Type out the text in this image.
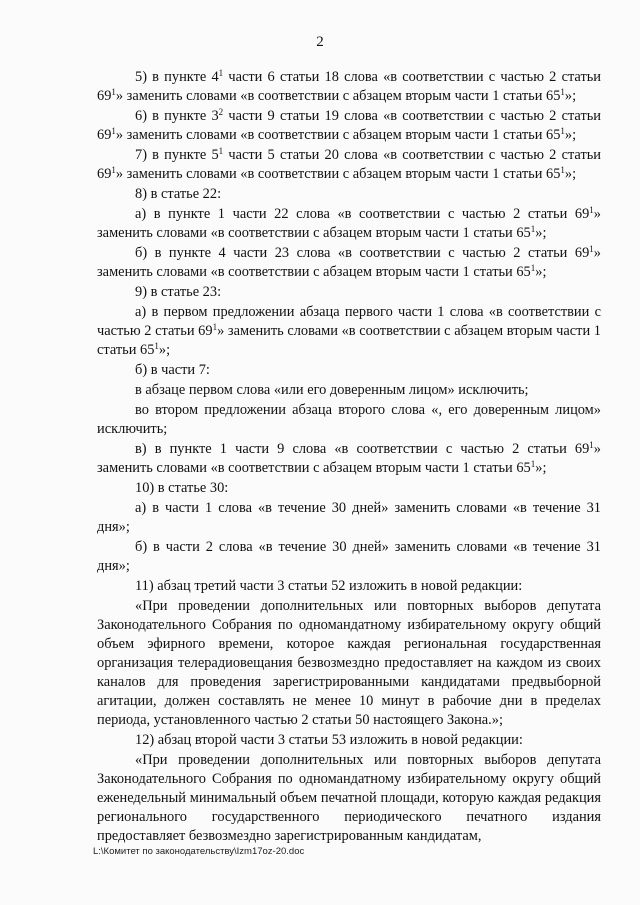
2

5) в пункте $4^1$ части 6 статьи 18 слова «в соответствии с частью 2 статьи $69^1$» заменить словами «в соответствии с абзацем вторым части 1 статьи $65^1$»;

6) в пункте $3^2$ части 9 статьи 19 слова «в соответствии с частью 2 статьи $69^1$» заменить словами «в соответствии с абзацем вторым части 1 статьи $65^1$»;

7) в пункте $5^1$ части 5 статьи 20 слова «в соответствии с частью 2 статьи $69^1$» заменить словами «в соответствии с абзацем вторым части 1 статьи $65^1$»;

8) в статье 22:

а) в пункте 1 части 22 слова «в соответствии с частью 2 статьи $69^1$» заменить словами «в соответствии с абзацем вторым части 1 статьи $65^1$»;

б) в пункте 4 части 23 слова «в соответствии с частью 2 статьи $69^1$» заменить словами «в соответствии с абзацем вторым части 1 статьи $65^1$»;

9) в статье 23:

а) в первом предложении абзаца первого части 1 слова «в соответствии с частью 2 статьи $69^1$» заменить словами «в соответствии с абзацем вторым части 1 статьи $65^1$»;

б) в части 7:

в абзаце первом слова «или его доверенным лицом» исключить;

во втором предложении абзаца второго слова «, его доверенным лицом» исключить;

в) в пункте 1 части 9 слова «в соответствии с частью 2 статьи $69^1$» заменить словами «в соответствии с абзацем вторым части 1 статьи $65^1$»;

10) в статье 30:

а) в части 1 слова «в течение 30 дней» заменить словами «в течение 31 дня»;

б) в части 2 слова «в течение 30 дней» заменить словами «в течение 31 дня»;

11) абзац третий части 3 статьи 52 изложить в новой редакции:

«При проведении дополнительных или повторных выборов депутата Законодательного Собрания по одномандатному избирательному округу общий объем эфирного времени, которое каждая региональная государственная организация телерадиовещания безвозмездно предоставляет на каждом из своих каналов для проведения зарегистрированными кандидатами предвыборной агитации, должен составлять не менее 10 минут в рабочие дни в пределах периода, установленного частью 2 статьи 50 настоящего Закона.»;

12) абзац второй части 3 статьи 53 изложить в новой редакции:

«При проведении дополнительных или повторных выборов депутата Законодательного Собрания по одномандатному избирательному округу общий еженедельный минимальный объем печатной площади, которую каждая редакция регионального государственного периодического печатного издания предоставляет безвозмездно зарегистрированным кандидатам,

L:\Комитет по законодательству\Izm17oz-20.doc
